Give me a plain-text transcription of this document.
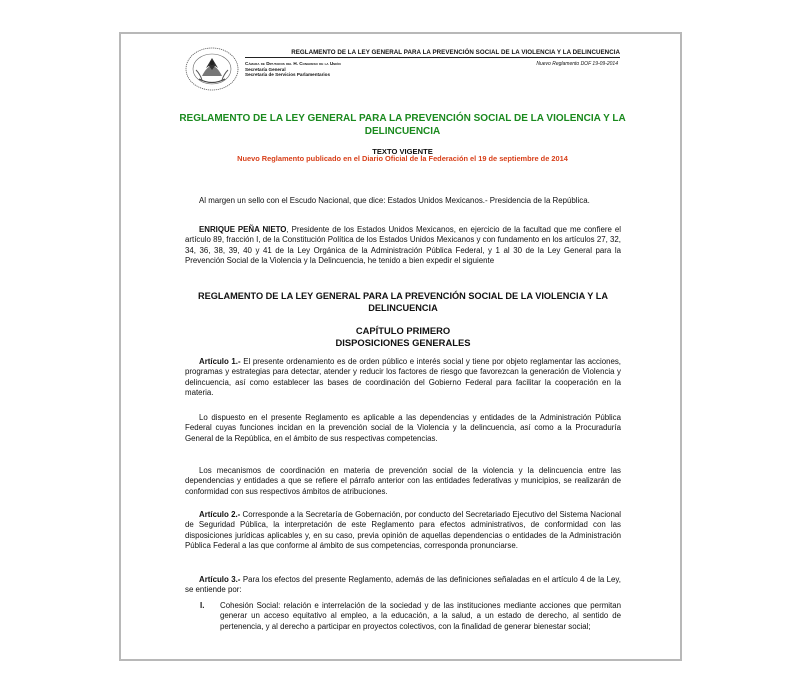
REGLAMENTO DE LA LEY GENERAL PARA LA PREVENCIÓN SOCIAL DE LA VIOLENCIA Y LA DELINCUENCIA
Cámara de Diputados del H. Congreso de la Unión
Secretaría General
Secretaría de Servicios Parlamentarios
Nuevo Reglamento DOF 19-09-2014
REGLAMENTO DE LA LEY GENERAL PARA LA PREVENCIÓN SOCIAL DE LA VIOLENCIA Y LA DELINCUENCIA
TEXTO VIGENTE
Nuevo Reglamento publicado en el Diario Oficial de la Federación el 19 de septiembre de 2014
Al margen un sello con el Escudo Nacional, que dice: Estados Unidos Mexicanos.- Presidencia de la República.
ENRIQUE PEÑA NIETO, Presidente de los Estados Unidos Mexicanos, en ejercicio de la facultad que me confiere el artículo 89, fracción I, de la Constitución Política de los Estados Unidos Mexicanos y con fundamento en los artículos 27, 32, 34, 36, 38, 39, 40 y 41 de la Ley Orgánica de la Administración Pública Federal, y 1 al 30 de la Ley General para la Prevención Social de la Violencia y la Delincuencia, he tenido a bien expedir el siguiente
REGLAMENTO DE LA LEY GENERAL PARA LA PREVENCIÓN SOCIAL DE LA VIOLENCIA Y LA DELINCUENCIA
CAPÍTULO PRIMERO
DISPOSICIONES GENERALES
Artículo 1.- El presente ordenamiento es de orden público e interés social y tiene por objeto reglamentar las acciones, programas y estrategias para detectar, atender y reducir los factores de riesgo que favorezcan la generación de Violencia y delincuencia, así como establecer las bases de coordinación del Gobierno Federal para facilitar la cooperación en la materia.
Lo dispuesto en el presente Reglamento es aplicable a las dependencias y entidades de la Administración Pública Federal cuyas funciones incidan en la prevención social de la Violencia y la delincuencia, así como a la Procuraduría General de la República, en el ámbito de sus respectivas competencias.
Los mecanismos de coordinación en materia de prevención social de la violencia y la delincuencia entre las dependencias y entidades a que se refiere el párrafo anterior con las entidades federativas y municipios, se realizarán de conformidad con sus respectivos ámbitos de atribuciones.
Artículo 2.- Corresponde a la Secretaría de Gobernación, por conducto del Secretariado Ejecutivo del Sistema Nacional de Seguridad Pública, la interpretación de este Reglamento para efectos administrativos, de conformidad con las disposiciones jurídicas aplicables y, en su caso, previa opinión de aquellas dependencias o entidades de la Administración Pública Federal a las que conforme al ámbito de sus competencias, corresponda pronunciarse.
Artículo 3.- Para los efectos del presente Reglamento, además de las definiciones señaladas en el artículo 4 de la Ley, se entiende por:
I. Cohesión Social: relación e interrelación de la sociedad y de las instituciones mediante acciones que permitan generar un acceso equitativo al empleo, a la educación, a la salud, a un estado de derecho, al sentido de pertenencia, y al derecho a participar en proyectos colectivos, con la finalidad de generar bienestar social;
